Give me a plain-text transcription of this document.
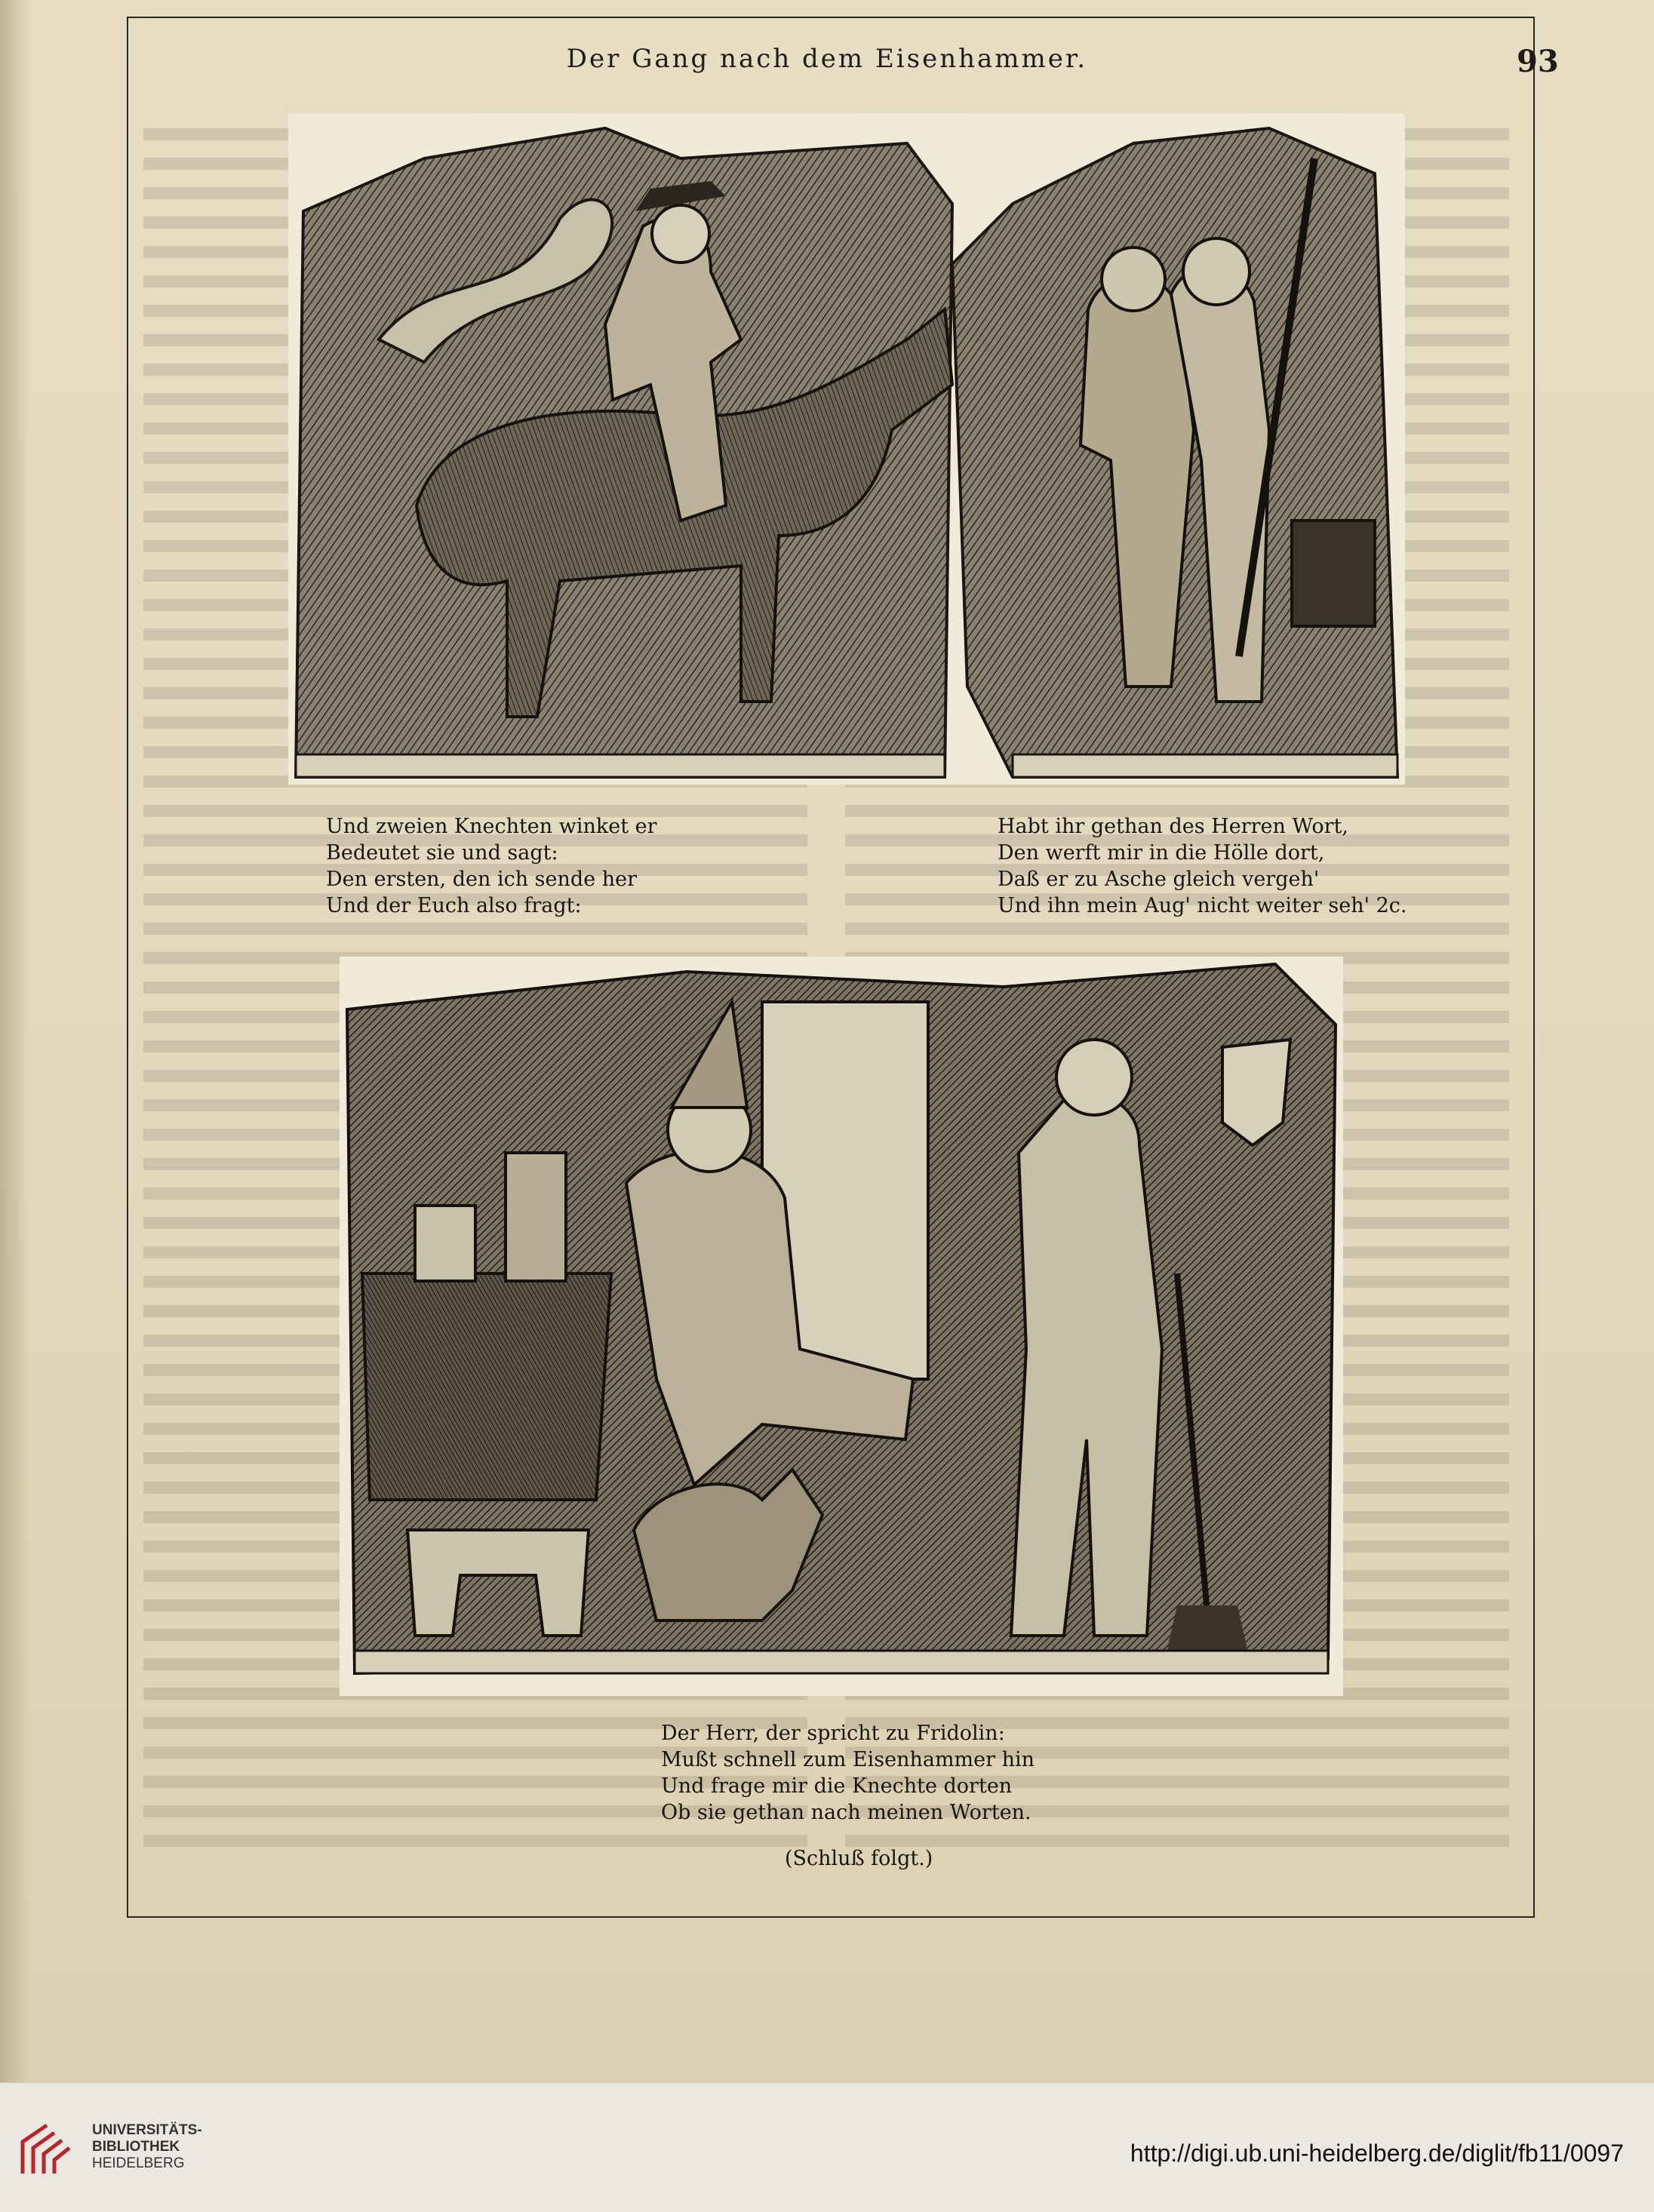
Der Gang nach dem Eisenhammer.	93
Und zweien Knechten winket er
Bedeutet sie und sagt:
Den ersten, den ich sende her
Und der Euch also fragt:
Habt ihr gethan des Herren Wort,
Den werft mir in die Hölle dort,
Daß er zu Asche gleich vergeh'
Und ihn mein Aug' nicht weiter seh' 2c.
Der Herr, der spricht zu Fridolin:
Mußt schnell zum Eisenhammer hin
Und frage mir die Knechte dorten
Ob sie gethan nach meinen Worten.
(Schluß folgt.)
UNIVERSITÄTS-
BIBLIOTHEK
HEIDELBERG	http://digi.ub.uni-heidelberg.de/diglit/fb11/0097
